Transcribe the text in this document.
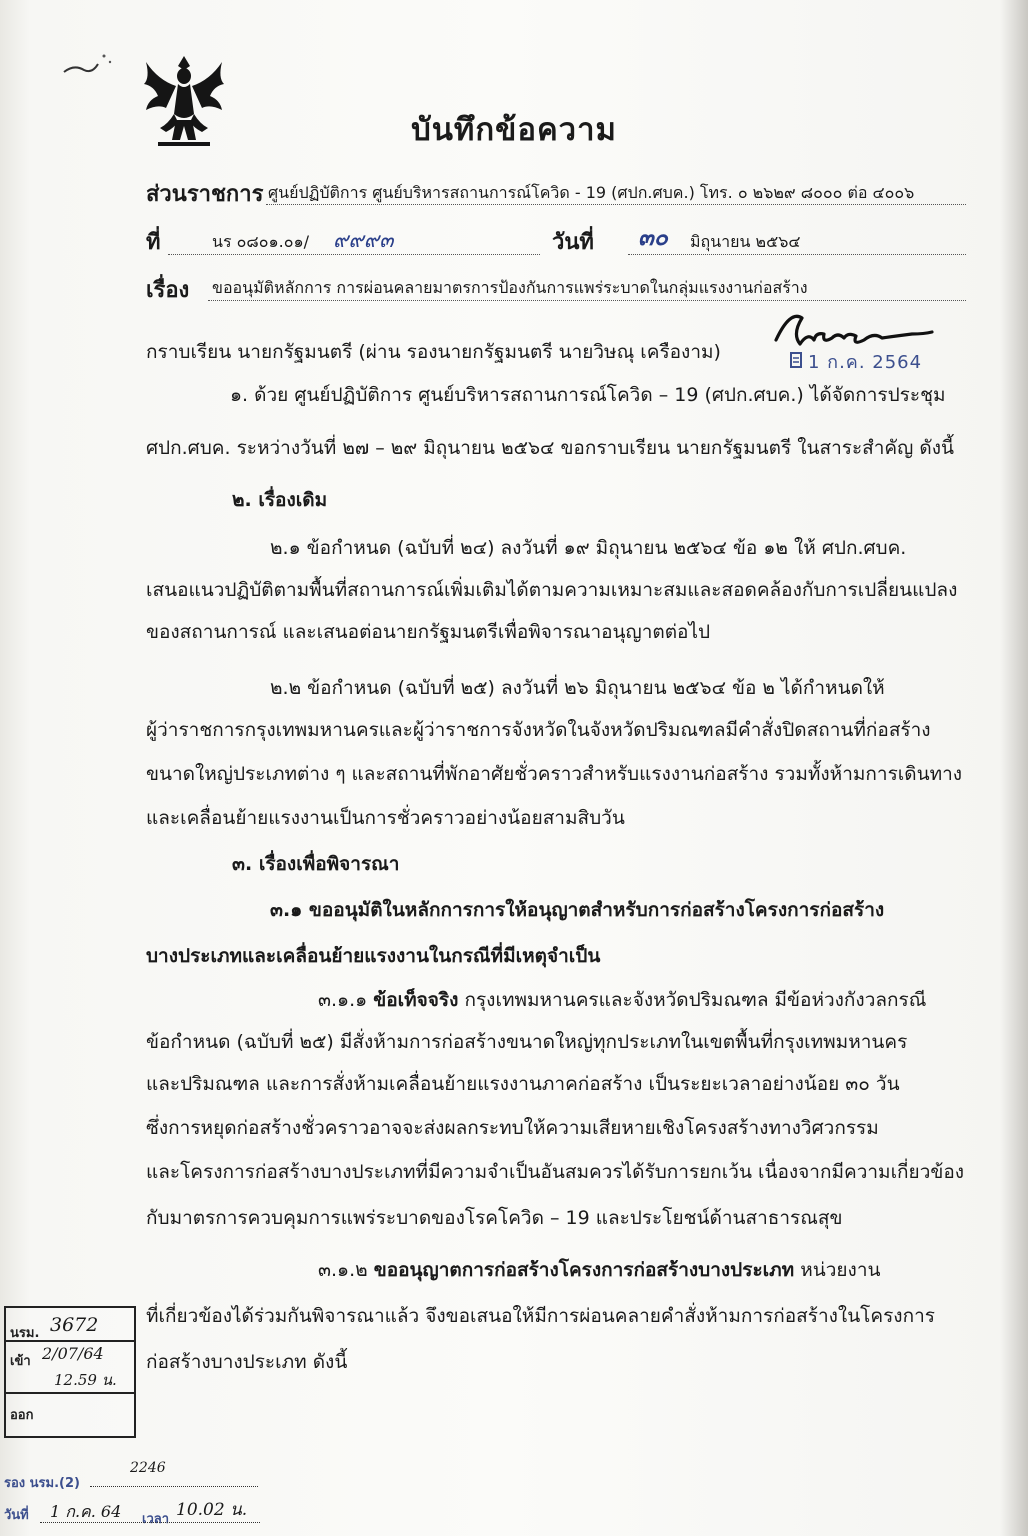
บันทึกข้อความ
ส่วนราชการ ศูนย์ปฏิบัติการ ศูนย์บริหารสถานการณ์โควิด - 19 (ศปก.ศบค.) โทร. ๐ ๒๖๒๙ ๘๐๐๐ ต่อ ๔๐๐๖
ที่	นร ๐๘๐๑.๐๑/ ๙๙๙๓	วันที่ ๓๐ มิถุนายน ๒๕๖๔
เรื่อง ขออนุมัติหลักการ การผ่อนคลายมาตรการป้องกันการแพร่ระบาดในกลุ่มแรงงานก่อสร้าง
กราบเรียน นายกรัฐมนตรี (ผ่าน รองนายกรัฐมนตรี นายวิษณุ เครืองาม)	1 ก.ค. 2564
๑. ด้วย ศูนย์ปฏิบัติการ ศูนย์บริหารสถานการณ์โควิด – 19 (ศปก.ศบค.) ได้จัดการประชุม
ศปก.ศบค. ระหว่างวันที่ ๒๗ – ๒๙ มิถุนายน ๒๕๖๔ ขอกราบเรียน นายกรัฐมนตรี ในสาระสำคัญ ดังนี้
๒. เรื่องเดิม
๒.๑ ข้อกำหนด (ฉบับที่ ๒๔) ลงวันที่ ๑๙ มิถุนายน ๒๕๖๔ ข้อ ๑๒ ให้ ศปก.ศบค.
เสนอแนวปฏิบัติตามพื้นที่สถานการณ์เพิ่มเติมได้ตามความเหมาะสมและสอดคล้องกับการเปลี่ยนแปลง
ของสถานการณ์ และเสนอต่อนายกรัฐมนตรีเพื่อพิจารณาอนุญาตต่อไป
๒.๒ ข้อกำหนด (ฉบับที่ ๒๕) ลงวันที่ ๒๖ มิถุนายน ๒๕๖๔ ข้อ ๒ ได้กำหนดให้
ผู้ว่าราชการกรุงเทพมหานครและผู้ว่าราชการจังหวัดในจังหวัดปริมณฑลมีคำสั่งปิดสถานที่ก่อสร้าง
ขนาดใหญ่ประเภทต่าง ๆ และสถานที่พักอาศัยชั่วคราวสำหรับแรงงานก่อสร้าง รวมทั้งห้ามการเดินทาง
และเคลื่อนย้ายแรงงานเป็นการชั่วคราวอย่างน้อยสามสิบวัน
๓. เรื่องเพื่อพิจารณา
๓.๑ ขออนุมัติในหลักการการให้อนุญาตสำหรับการก่อสร้างโครงการก่อสร้าง
บางประเภทและเคลื่อนย้ายแรงงานในกรณีที่มีเหตุจำเป็น
๓.๑.๑ ข้อเท็จจริง กรุงเทพมหานครและจังหวัดปริมณฑล มีข้อห่วงกังวลกรณี
ข้อกำหนด (ฉบับที่ ๒๕) มีสั่งห้ามการก่อสร้างขนาดใหญ่ทุกประเภทในเขตพื้นที่กรุงเทพมหานคร
และปริมณฑล และการสั่งห้ามเคลื่อนย้ายแรงงานภาคก่อสร้าง เป็นระยะเวลาอย่างน้อย ๓๐ วัน
ซึ่งการหยุดก่อสร้างชั่วคราวอาจจะส่งผลกระทบให้ความเสียหายเชิงโครงสร้างทางวิศวกรรม
และโครงการก่อสร้างบางประเภทที่มีความจำเป็นอันสมควรได้รับการยกเว้น เนื่องจากมีความเกี่ยวข้อง
กับมาตรการควบคุมการแพร่ระบาดของโรคโควิด – 19 และประโยชน์ด้านสาธารณสุข
๓.๑.๒ ขออนุญาตการก่อสร้างโครงการก่อสร้างบางประเภท หน่วยงาน
ที่เกี่ยวข้องได้ร่วมกันพิจารณาแล้ว จึงขอเสนอให้มีการผ่อนคลายคำสั่งห้ามการก่อสร้างในโครงการ
ก่อสร้างบางประเภท ดังนี้
นรม. 3672
เข้า 2/07/64
12.59 น.
ออก
รอง นรม.(2)
2246
วันที่ 1 ก.ค. 64 เวลา 10.02 น.
